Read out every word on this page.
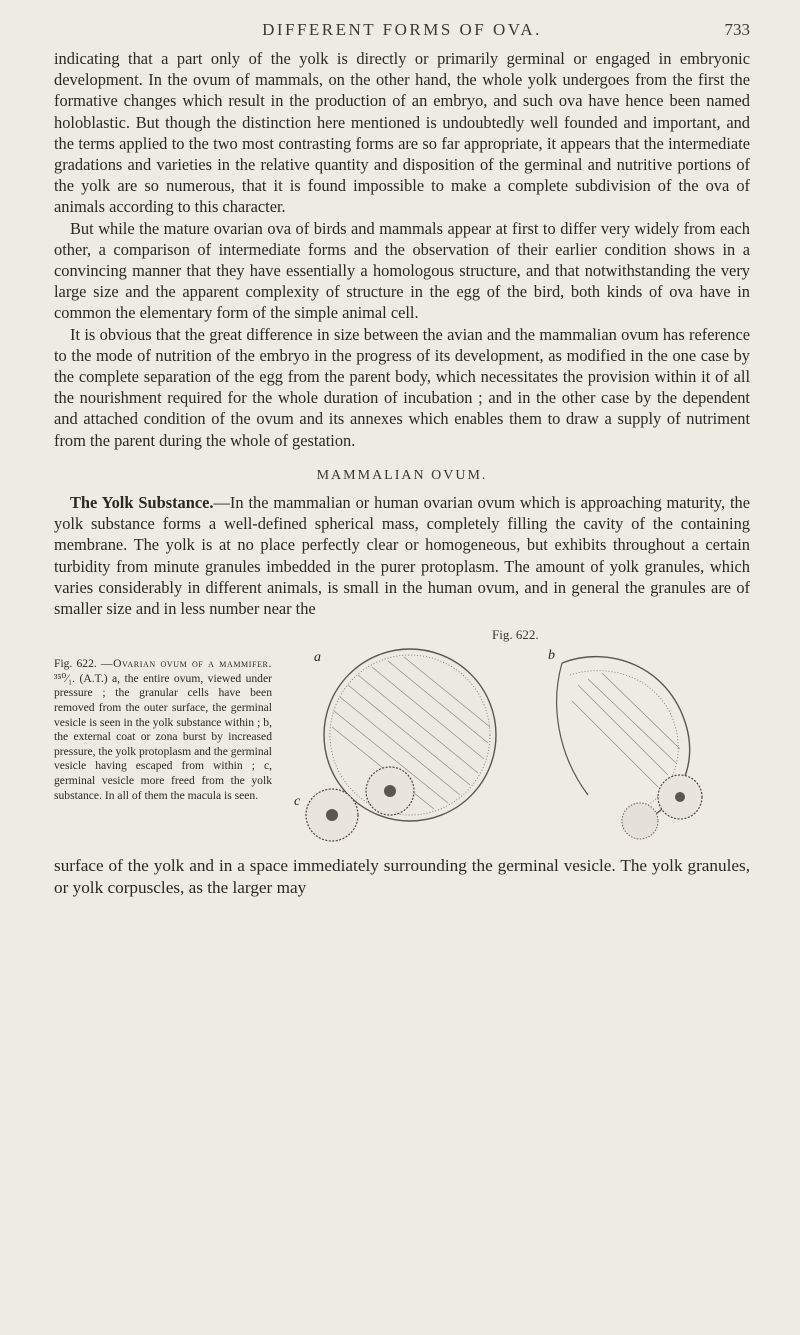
DIFFERENT FORMS OF OVA.	733

indicating that a part only of the yolk is directly or primarily germinal or engaged in embryonic development. In the ovum of mammals, on the other hand, the whole yolk undergoes from the first the formative changes which result in the production of an embryo, and such ova have hence been named holoblastic. But though the distinction here mentioned is undoubtedly well founded and important, and the terms applied to the two most contrasting forms are so far appropriate, it appears that the intermediate gradations and varieties in the relative quantity and disposition of the germinal and nutritive portions of the yolk are so numerous, that it is found impossible to make a complete subdivision of the ova of animals according to this character.

But while the mature ovarian ova of birds and mammals appear at first to differ very widely from each other, a comparison of intermediate forms and the observation of their earlier condition shows in a convincing manner that they have essentially a homologous structure, and that notwithstanding the very large size and the apparent complexity of structure in the egg of the bird, both kinds of ova have in common the elementary form of the simple animal cell.

It is obvious that the great difference in size between the avian and the mammalian ovum has reference to the mode of nutrition of the embryo in the progress of its development, as modified in the one case by the complete separation of the egg from the parent body, which necessitates the provision within it of all the nourishment required for the whole duration of incubation ; and in the other case by the dependent and attached condition of the ovum and its annexes which enables them to draw a supply of nutriment from the parent during the whole of gestation.

MAMMALIAN OVUM.

The Yolk Substance.—In the mammalian or human ovarian ovum which is approaching maturity, the yolk substance forms a well-defined spherical mass, completely filling the cavity of the containing membrane. The yolk is at no place perfectly clear or homogeneous, but exhibits throughout a certain turbidity from minute granules imbedded in the purer protoplasm. The amount of yolk granules, which varies considerably in different animals, is small in the human ovum, and in general the granules are of smaller size and in less number near the

Fig. 622.
Fig. 622. —Ovarian ovum of a mammifer. ³⁵⁰⁄₁. (A.T.) a, the entire ovum, viewed under pressure ; the granular cells have been removed from the outer surface, the germinal vesicle is seen in the yolk substance within ; b, the external coat or zona burst by increased pressure, the yolk protoplasm and the germinal vesicle having escaped from within ; c, germinal vesicle more freed from the yolk substance. In all of them the macula is seen.
a	b
c

surface of the yolk and in a space immediately surrounding the germinal vesicle. The yolk granules, or yolk corpuscles, as the larger may
